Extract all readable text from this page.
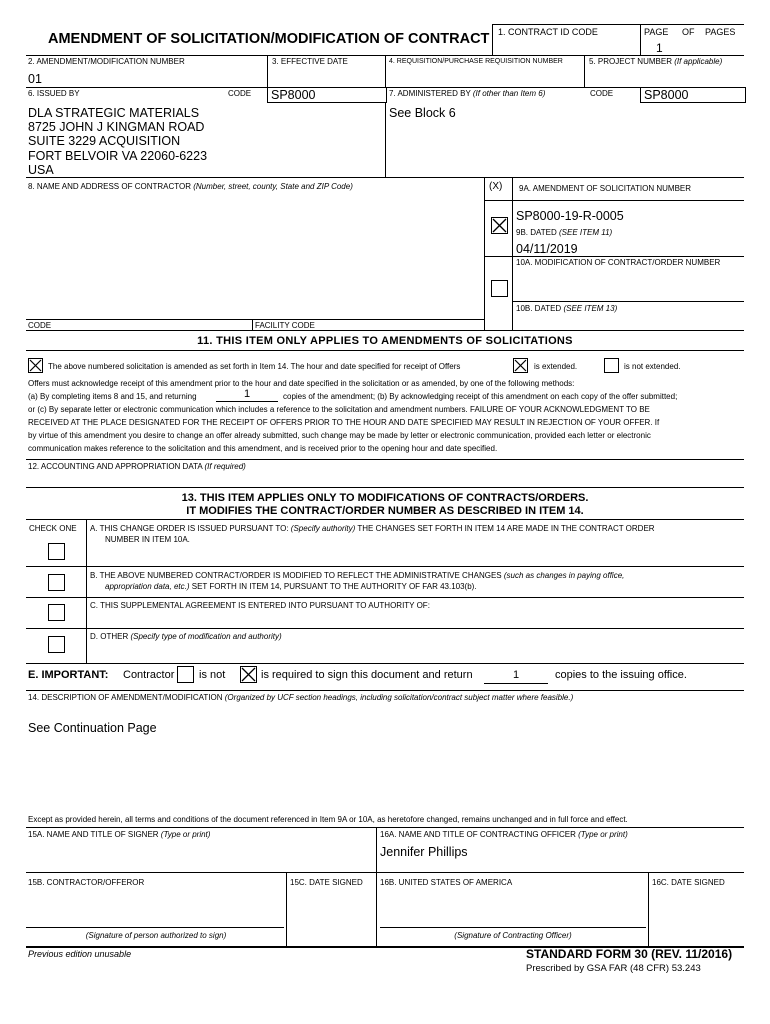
AMENDMENT OF SOLICITATION/MODIFICATION OF CONTRACT 1. CONTRACT ID CODE	PAGE OF PAGES
1
2. AMENDMENT/MODIFICATION NUMBER
01
3. EFFECTIVE DATE	4. REQUISITION/PURCHASE REQUISITION NUMBER	5. PROJECT NUMBER (If applicable)
6. ISSUED BY	CODE SP8000
DLA STRATEGIC MATERIALS
8725 JOHN J KINGMAN ROAD
SUITE 3229 ACQUISITION
FORT BELVOIR VA 22060-6223
USA
7. ADMINISTERED BY (If other than Item 6)	CODE SP8000
See Block 6
8. NAME AND ADDRESS OF CONTRACTOR (Number, street, county, State and ZIP Code)	(X) 9A. AMENDMENT OF SOLICITATION NUMBER
SP8000-19-R-0005
9B. DATED (SEE ITEM 11)
04/11/2019
10A. MODIFICATION OF CONTRACT/ORDER NUMBER
10B. DATED (SEE ITEM 13)
CODE	FACILITY CODE
11. THIS ITEM ONLY APPLIES TO AMENDMENTS OF SOLICITATIONS
The above numbered solicitation is amended as set forth in Item 14. The hour and date specified for receipt of Offers	is extended.	is not extended.
Offers must acknowledge receipt of this amendment prior to the hour and date specified in the solicitation or as amended, by one of the following methods:
(a) By completing items 8 and 15, and returning	1	copies of the amendment; (b) By acknowledging receipt of this amendment on each copy of the offer submitted;
or (c) By separate letter or electronic communication which includes a reference to the solicitation and amendment numbers. FAILURE OF YOUR ACKNOWLEDGMENT TO BE
RECEIVED AT THE PLACE DESIGNATED FOR THE RECEIPT OF OFFERS PRIOR TO THE HOUR AND DATE SPECIFIED MAY RESULT IN REJECTION OF YOUR OFFER. If
by virtue of this amendment you desire to change an offer already submitted, such change may be made by letter or electronic communication, provided each letter or electronic
communication makes reference to the solicitation and this amendment, and is received prior to the opening hour and date specified.
12. ACCOUNTING AND APPROPRIATION DATA (If required)
13. THIS ITEM APPLIES ONLY TO MODIFICATIONS OF CONTRACTS/ORDERS.
IT MODIFIES THE CONTRACT/ORDER NUMBER AS DESCRIBED IN ITEM 14.
CHECK ONE A. THIS CHANGE ORDER IS ISSUED PURSUANT TO: (Specify authority) THE CHANGES SET FORTH IN ITEM 14 ARE MADE IN THE CONTRACT ORDER
NUMBER IN ITEM 10A.
B. THE ABOVE NUMBERED CONTRACT/ORDER IS MODIFIED TO REFLECT THE ADMINISTRATIVE CHANGES (such as changes in paying office,
appropriation data, etc.) SET FORTH IN ITEM 14, PURSUANT TO THE AUTHORITY OF FAR 43.103(b).
C. THIS SUPPLEMENTAL AGREEMENT IS ENTERED INTO PURSUANT TO AUTHORITY OF:
D. OTHER (Specify type of modification and authority)
E. IMPORTANT: Contractor is not	is required to sign this document and return	1	copies to the issuing office.
14. DESCRIPTION OF AMENDMENT/MODIFICATION (Organized by UCF section headings, including solicitation/contract subject matter where feasible.)
See Continuation Page
Except as provided herein, all terms and conditions of the document referenced in Item 9A or 10A, as heretofore changed, remains unchanged and in full force and effect.
15A. NAME AND TITLE OF SIGNER (Type or print)	16A. NAME AND TITLE OF CONTRACTING OFFICER (Type or print)
Jennifer Phillips
15B. CONTRACTOR/OFFEROR	15C. DATE SIGNED 16B. UNITED STATES OF AMERICA	16C. DATE SIGNED
(Signature of person authorized to sign)	(Signature of Contracting Officer)
Previous edition unusable	STANDARD FORM 30 (REV. 11/2016)
Prescribed by GSA FAR (48 CFR) 53.243
